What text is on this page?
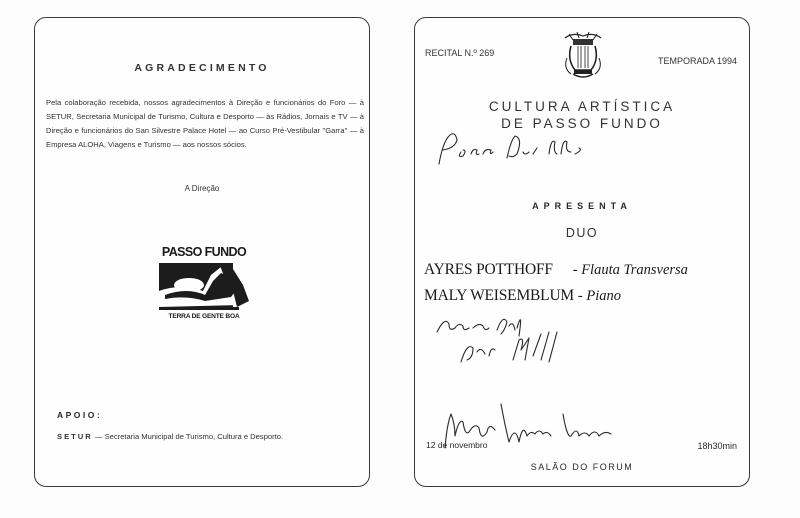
AGRADECIMENTO
Pela colaboração recebida, nossos agradecimentos à Direção e funcionários do Foro — à SETUR, Secretaria Municipal de Turismo, Cultura e Desporto — às Rádios, Jornais e TV — à Direção e funcionários do San Silvestre Palace Hotel — ao Curso Pré-Vestibular "Garra" — à Empresa ALOHA, Viagens e Turismo — aos nossos sócios.
A Direção
PASSO FUNDO
TERRA DE GENTE BOA
APOIO:
SETUR — Secretaria Municipal de Turismo, Cultura e Desporto.
RECITAL N.º 269
TEMPORADA 1994
CULTURA ARTÍSTICA
DE PASSO FUNDO
APRESENTA
DUO
AYRES POTTHOFF - Flauta Transversa
MALY WEISEMBLUM - Piano
12 de novembro	18h30min
SALÃO DO FORUM
